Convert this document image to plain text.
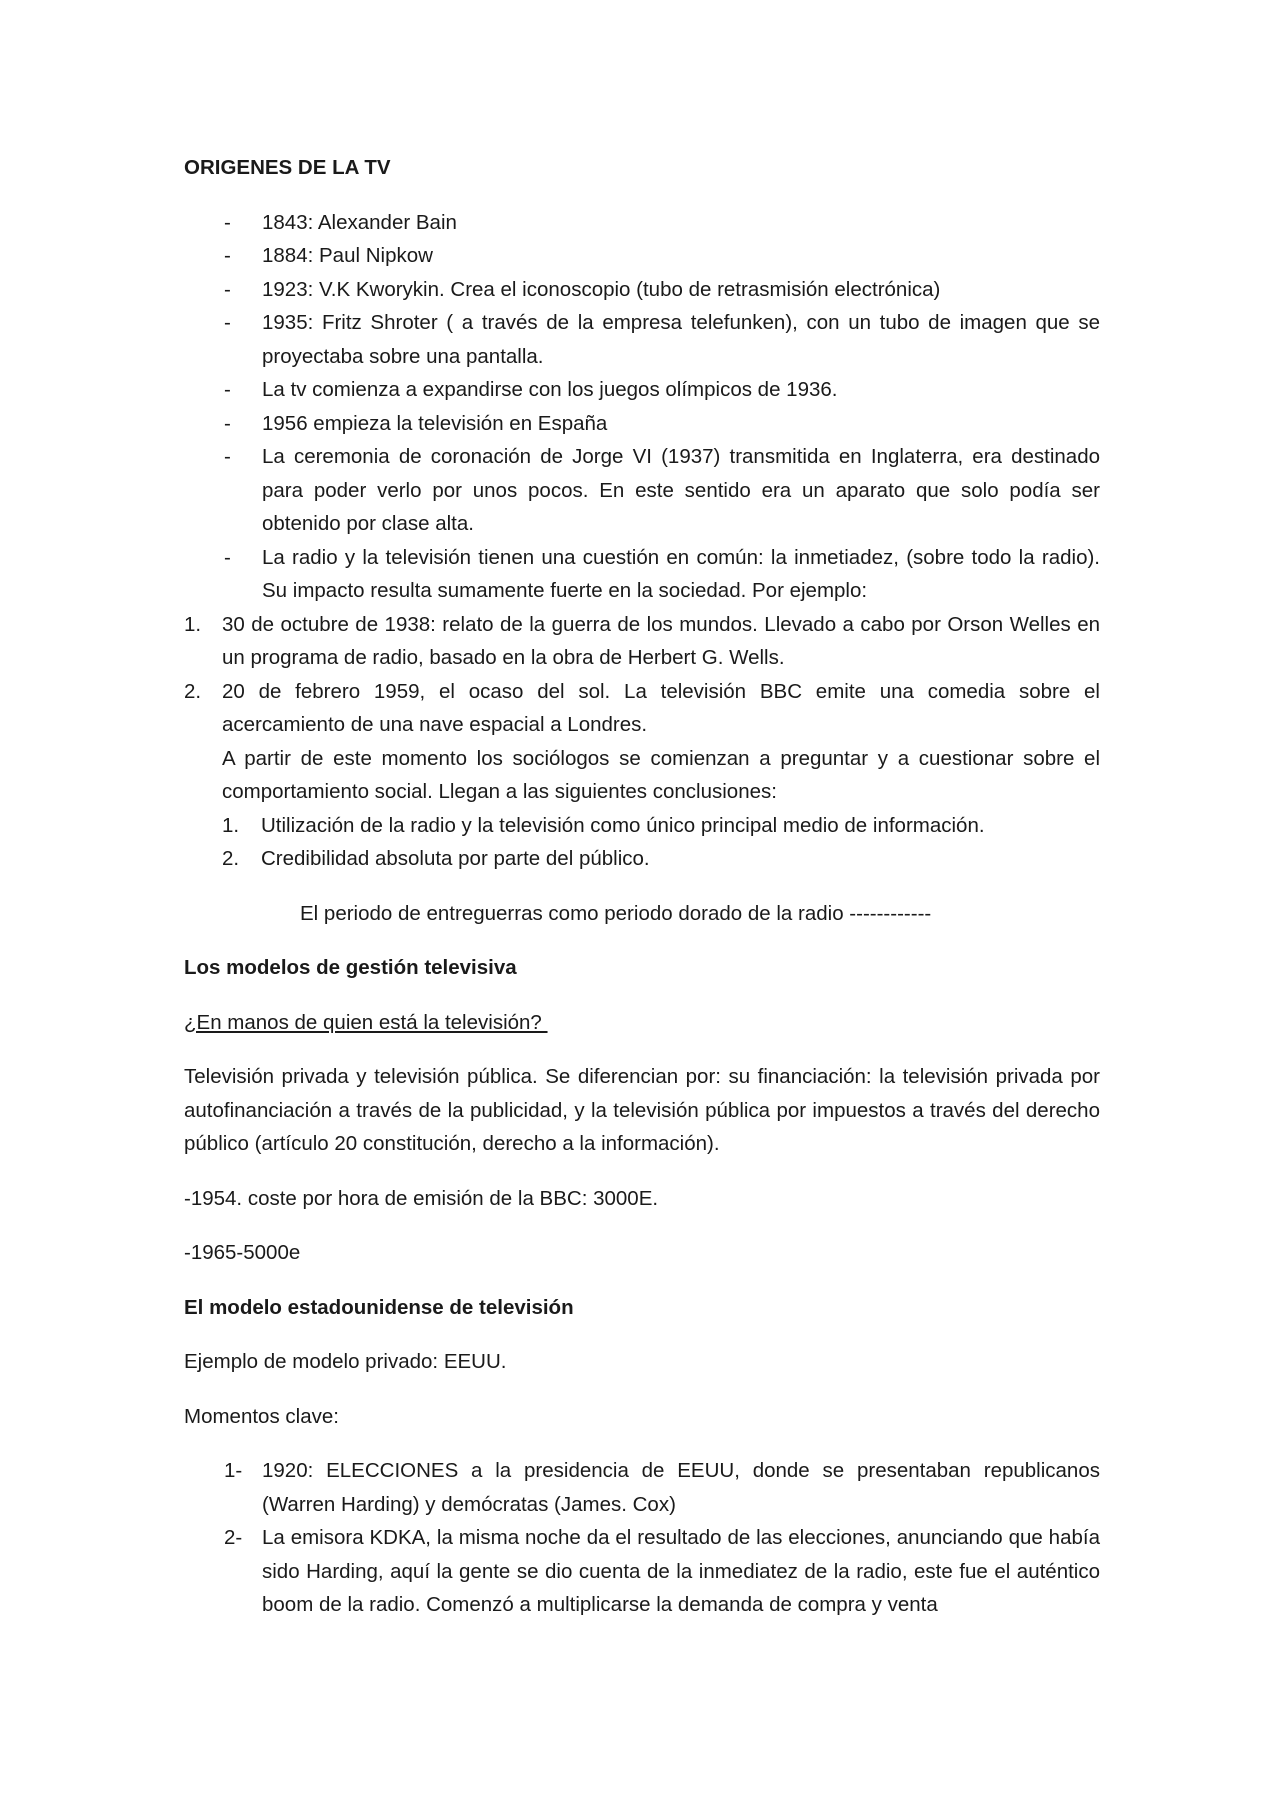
ORIGENES DE LA TV

- 1843: Alexander Bain
- 1884: Paul Nipkow
- 1923: V.K Kworykin. Crea el iconoscopio (tubo de retrasmisión electrónica)
- 1935: Fritz Shroter ( a través de la empresa telefunken), con un tubo de imagen que se proyectaba sobre una pantalla.
- La tv comienza a expandirse con los juegos olímpicos de 1936.
- 1956 empieza la televisión en España
- La ceremonia de coronación de Jorge VI (1937) transmitida en Inglaterra, era destinado para poder verlo por unos pocos. En este sentido era un aparato que solo podía ser obtenido por clase alta.
- La radio y la televisión tienen una cuestión en común: la inmetiadez, (sobre todo la radio). Su impacto resulta sumamente fuerte en la sociedad. Por ejemplo:
1. 30 de octubre de 1938: relato de la guerra de los mundos. Llevado a cabo por Orson Welles en un programa de radio, basado en la obra de Herbert G. Wells.
2. 20 de febrero 1959, el ocaso del sol. La televisión BBC emite una comedia sobre el acercamiento de una nave espacial a Londres.

A partir de este momento los sociólogos se comienzan a preguntar y a cuestionar sobre el comportamiento social. Llegan a las siguientes conclusiones:

1. Utilización de la radio y la televisión como único principal medio de información.
2. Credibilidad absoluta por parte del público.

El periodo de entreguerras como periodo dorado de la radio ------------

Los modelos de gestión televisiva

¿En manos de quien está la televisión?

Televisión privada y televisión pública. Se diferencian por: su financiación: la televisión privada por autofinanciación a través de la publicidad, y la televisión pública por impuestos a través del derecho público (artículo 20 constitución, derecho a la información).

-1954. coste por hora de emisión de la BBC: 3000E.

-1965-5000e

El modelo estadounidense de televisión

Ejemplo de modelo privado: EEUU.

Momentos clave:

1- 1920: ELECCIONES a la presidencia de EEUU, donde se presentaban republicanos (Warren Harding) y demócratas (James. Cox)
2- La emisora KDKA, la misma noche da el resultado de las elecciones, anunciando que había sido Harding, aquí la gente se dio cuenta de la inmediatez de la radio, este fue el auténtico boom de la radio. Comenzó a multiplicarse la demanda de compra y venta
